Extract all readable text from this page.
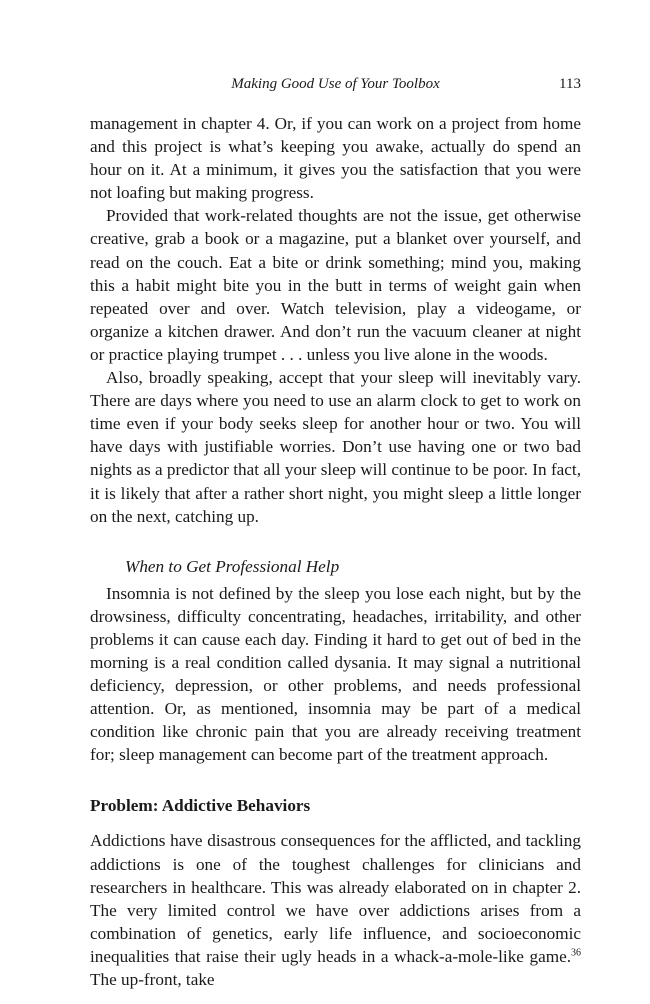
Making Good Use of Your Toolbox	113

management in chapter 4. Or, if you can work on a project from home and this project is what’s keeping you awake, actually do spend an hour on it. At a minimum, it gives you the satisfaction that you were not loafing but making progress.

Provided that work-related thoughts are not the issue, get otherwise creative, grab a book or a magazine, put a blanket over yourself, and read on the couch. Eat a bite or drink something; mind you, making this a habit might bite you in the butt in terms of weight gain when repeated over and over. Watch television, play a videogame, or organize a kitchen drawer. And don’t run the vacuum cleaner at night or practice playing trumpet . . . unless you live alone in the woods.

Also, broadly speaking, accept that your sleep will inevitably vary. There are days where you need to use an alarm clock to get to work on time even if your body seeks sleep for another hour or two. You will have days with justifiable worries. Don’t use having one or two bad nights as a predictor that all your sleep will continue to be poor. In fact, it is likely that after a rather short night, you might sleep a little longer on the next, catching up.

When to Get Professional Help

Insomnia is not defined by the sleep you lose each night, but by the drowsiness, difficulty concentrating, headaches, irritability, and other problems it can cause each day. Finding it hard to get out of bed in the morning is a real condition called dysania. It may signal a nutritional deficiency, depression, or other problems, and needs professional attention. Or, as mentioned, insomnia may be part of a medical condition like chronic pain that you are already receiving treatment for; sleep management can become part of the treatment approach.

Problem: Addictive Behaviors

Addictions have disastrous consequences for the afflicted, and tackling addictions is one of the toughest challenges for clinicians and researchers in healthcare. This was already elaborated on in chapter 2. The very limited control we have over addictions arises from a combination of genetics, early life influence, and socioeconomic inequalities that raise their ugly heads in a whack-a-mole-like game.$^{36}$ The up-front, take
